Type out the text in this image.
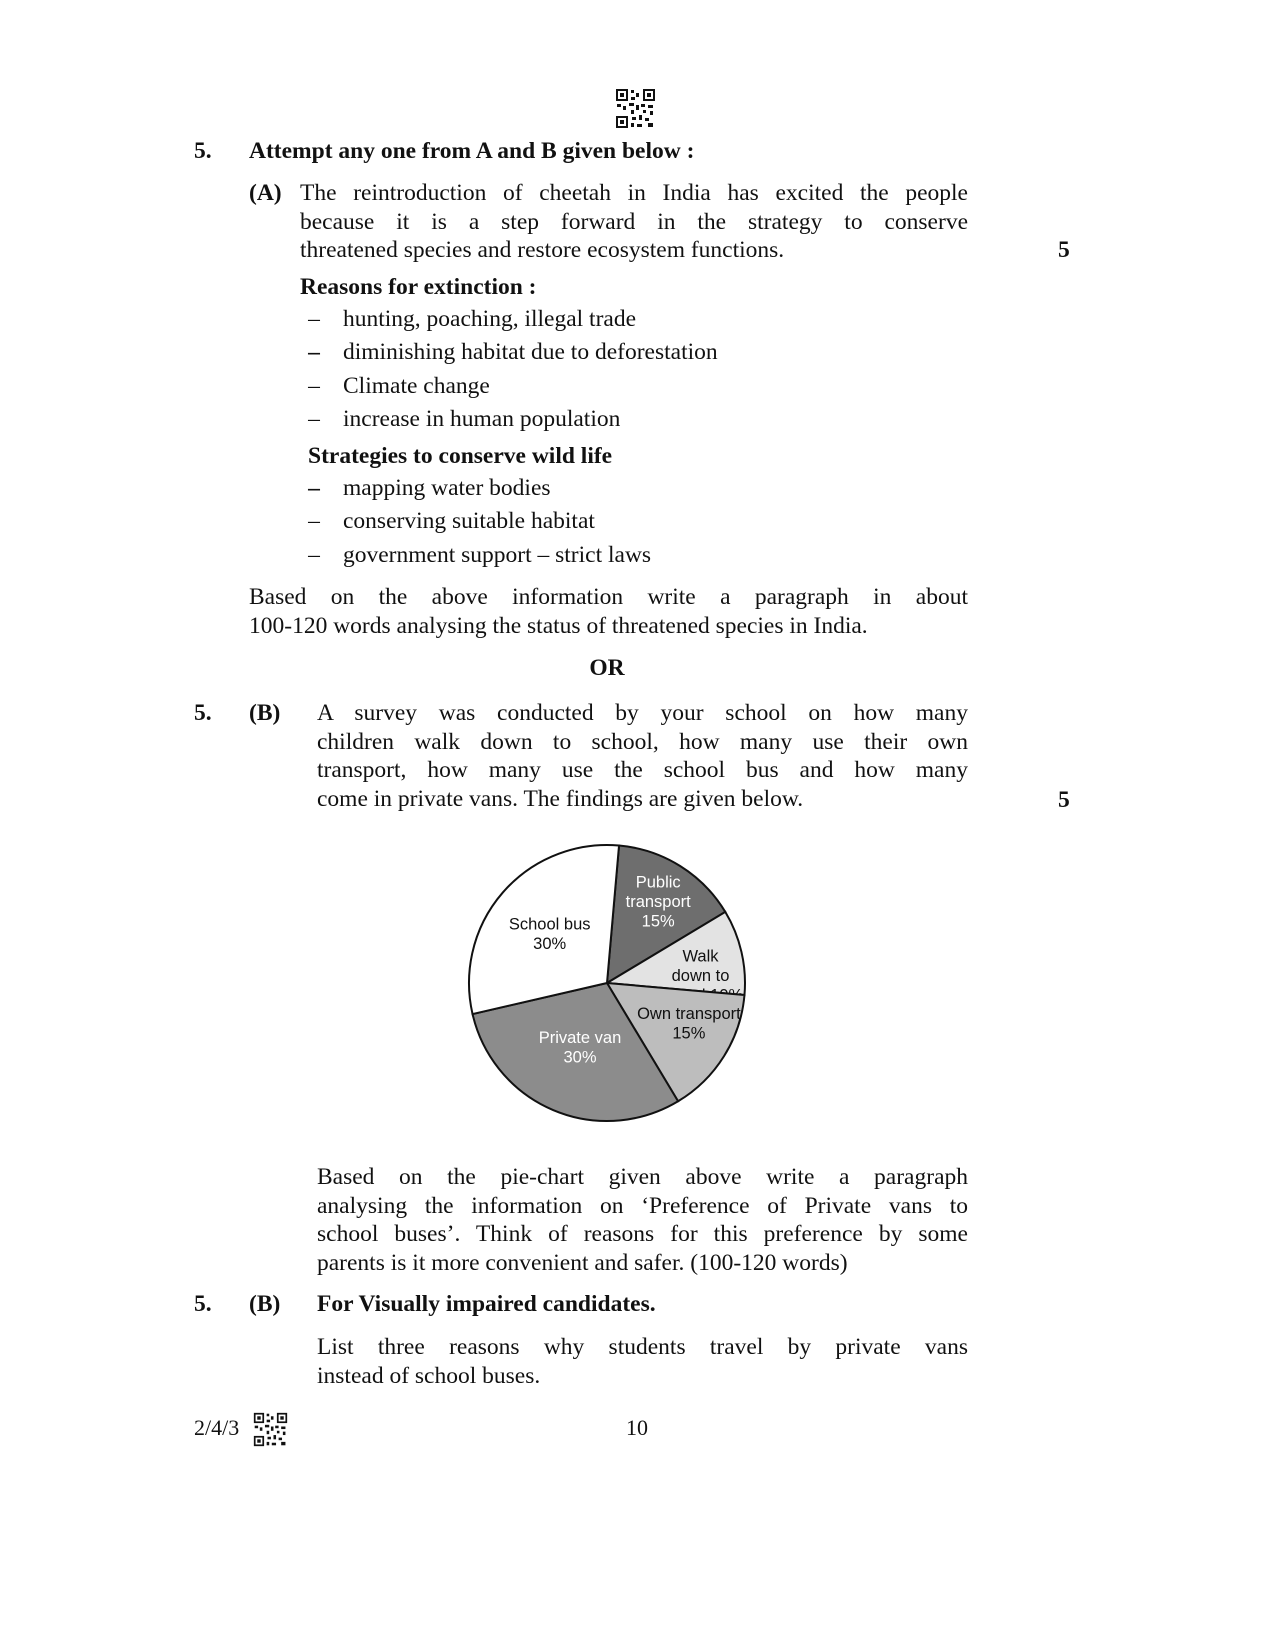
5. Attempt any one from A and B given below :
(A) The reintroduction of cheetah in India has excited the people
because it is a step forward in the strategy to conserve
threatened species and restore ecosystem functions.	5
Reasons for extinction :
– hunting, poaching, illegal trade
– diminishing habitat due to deforestation
– Climate change
– increase in human population
Strategies to conserve wild life
– mapping water bodies
– conserving suitable habitat
– government support – strict laws
Based on the above information write a paragraph in about
100-120 words analysing the status of threatened species in India.
OR
5. (B) A survey was conducted by your school on how many
children walk down to school, how many use their own
transport, how many use the school bus and how many
come in private vans. The findings are given below.	5
Public transport 15%
Walk down to
Own transport 15%
Private van 30%
School bus 30%
Based on the pie-chart given above write a paragraph
analysing the information on ‘Preference of Private vans to
school buses’. Think of reasons for this preference by some
parents is it more convenient and safer. (100-120 words)
5. (B) For Visually impaired candidates.
List three reasons why students travel by private vans
instead of school buses.
2/4/3	10
